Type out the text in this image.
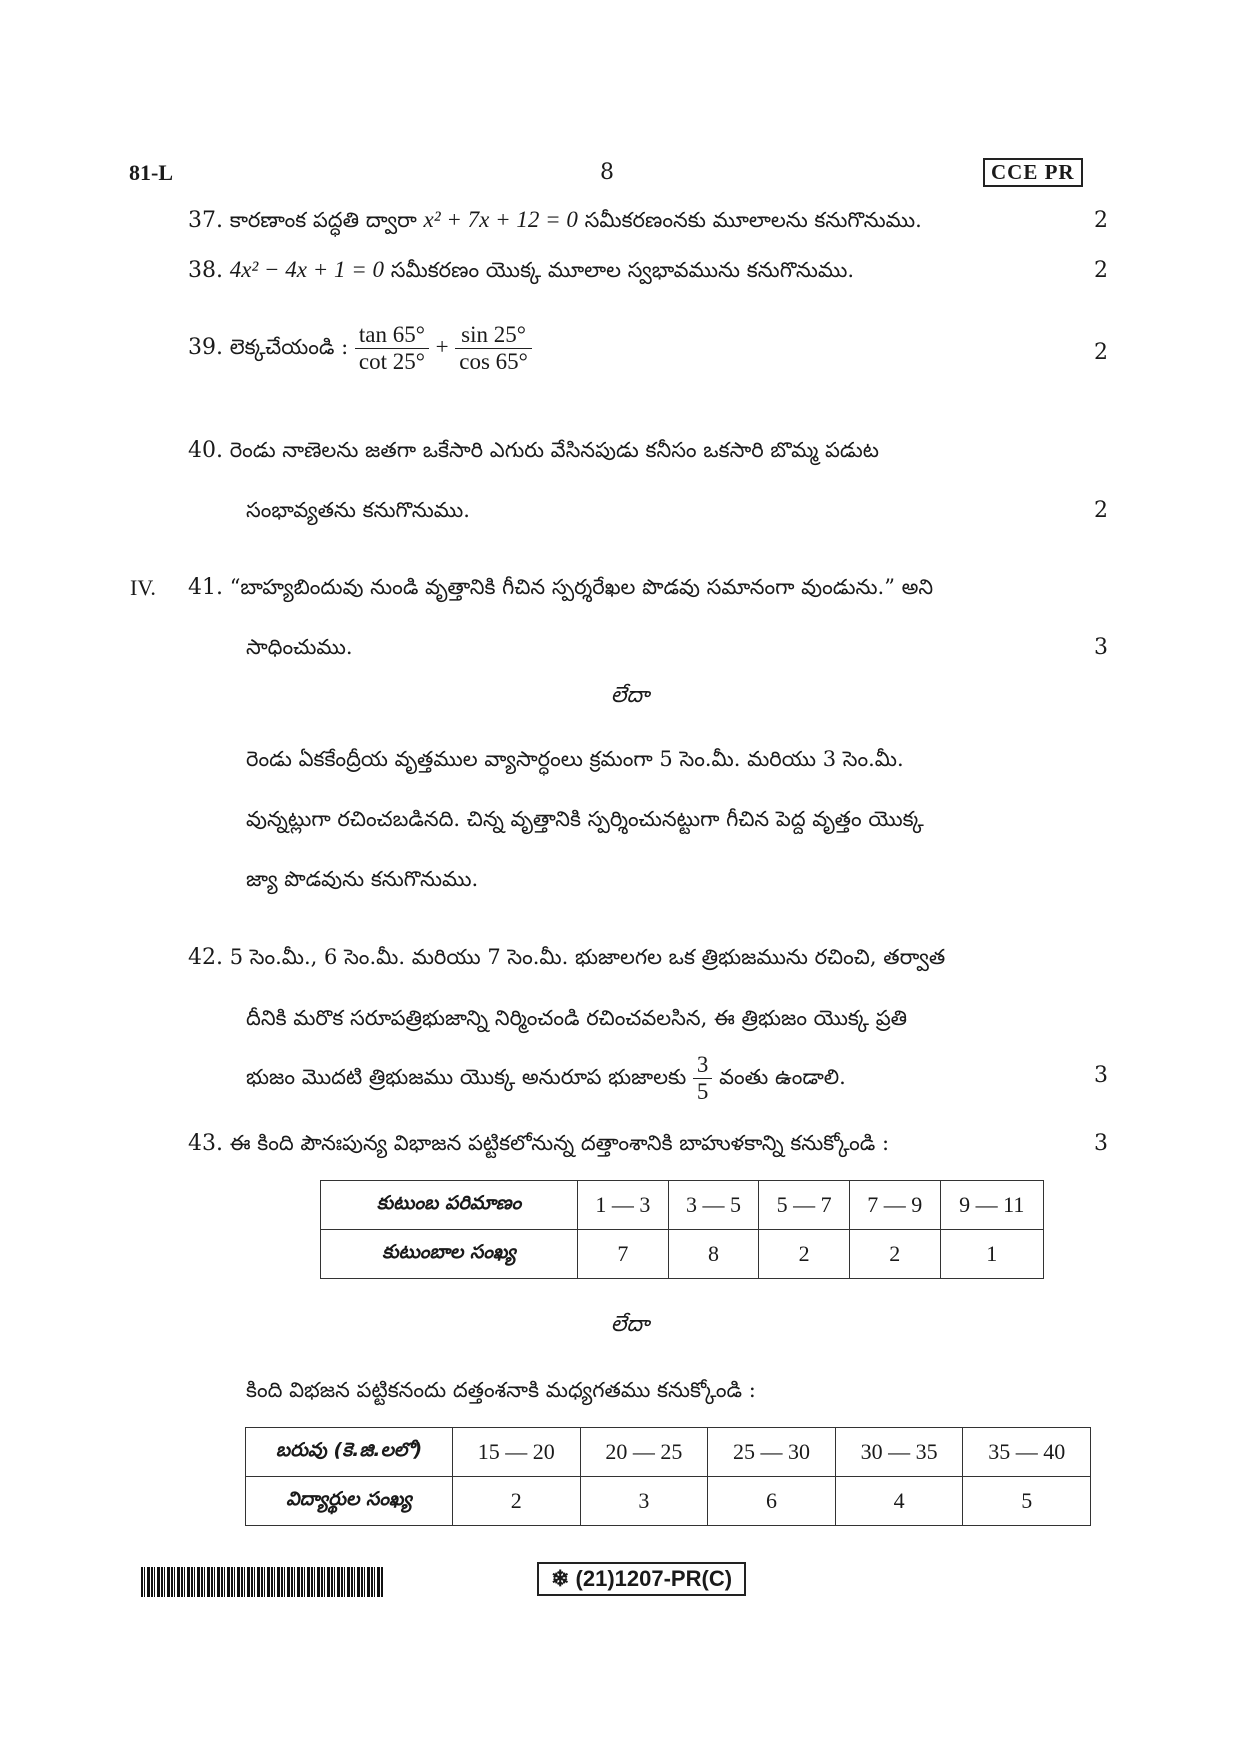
81-L	8	CCE PR
37. కారణాంక పద్ధతి ద్వారా x² + 7x + 12 = 0 సమీకరణంనకు మూలాలను కనుగొనుము.	2
38. 4x² − 4x + 1 = 0 సమీకరణం యొక్క మూలాల స్వభావమును కనుగొనుము.	2
39. లెక్కచేయండి : $\frac{\tan 65^\circ}{\cot 25^\circ} + \frac{\sin 25^\circ}{\cos 65^\circ}$	2
40. రెండు నాణెలను జతగా ఒకేసారి ఎగురు వేసినపుడు కనీసం ఒకసారి బొమ్మ పడుట
సంభావ్యతను కనుగొనుము.	2
IV. 41. “బాహ్యబిందువు నుండి వృత్తానికి గీచిన స్పర్శరేఖల పొడవు సమానంగా వుండును.” అని
సాధించుము.	3
లేదా
రెండు ఏకకేంద్రీయ వృత్తముల వ్యాసార్ధంలు క్రమంగా 5 సెం.మీ. మరియు 3 సెం.మీ.
వున్నట్లుగా రచించబడినది. చిన్న వృత్తానికి స్పర్శించునట్టుగా గీచిన పెద్ద వృత్తం యొక్క
జ్యా పొడవును కనుగొనుము.
42. 5 సెం.మీ., 6 సెం.మీ. మరియు 7 సెం.మీ. భుజాలగల ఒక త్రిభుజమును రచించి, తర్వాత
దీనికి మరొక సరూపత్రిభుజాన్ని నిర్మించండి రచించవలసిన, ఈ త్రిభుజం యొక్క ప్రతి
భుజం మొదటి త్రిభుజము యొక్క అనురూప భుజాలకు $\frac{3}{5}$ వంతు ఉండాలి.	3
43. ఈ కింది పౌనఃపున్య విభాజన పట్టికలోనున్న దత్తాంశానికి బాహుళకాన్ని కనుక్కోండి :	3
కుటుంబ పరిమాణం	1 — 3	3 — 5	5 — 7	7 — 9	9 — 11
కుటుంబాల సంఖ్య	7	8	2	2	1
లేదా
కింది విభజన పట్టికనందు దత్తంశనాకి మధ్యగతము కనుక్కోండి :
బరువు (కె.జి.లలో)	15 — 20	20 — 25	25 — 30	30 — 35	35 — 40
విద్యార్థుల సంఖ్య	2	3	6	4	5
❄ (21)1207-PR(C)
